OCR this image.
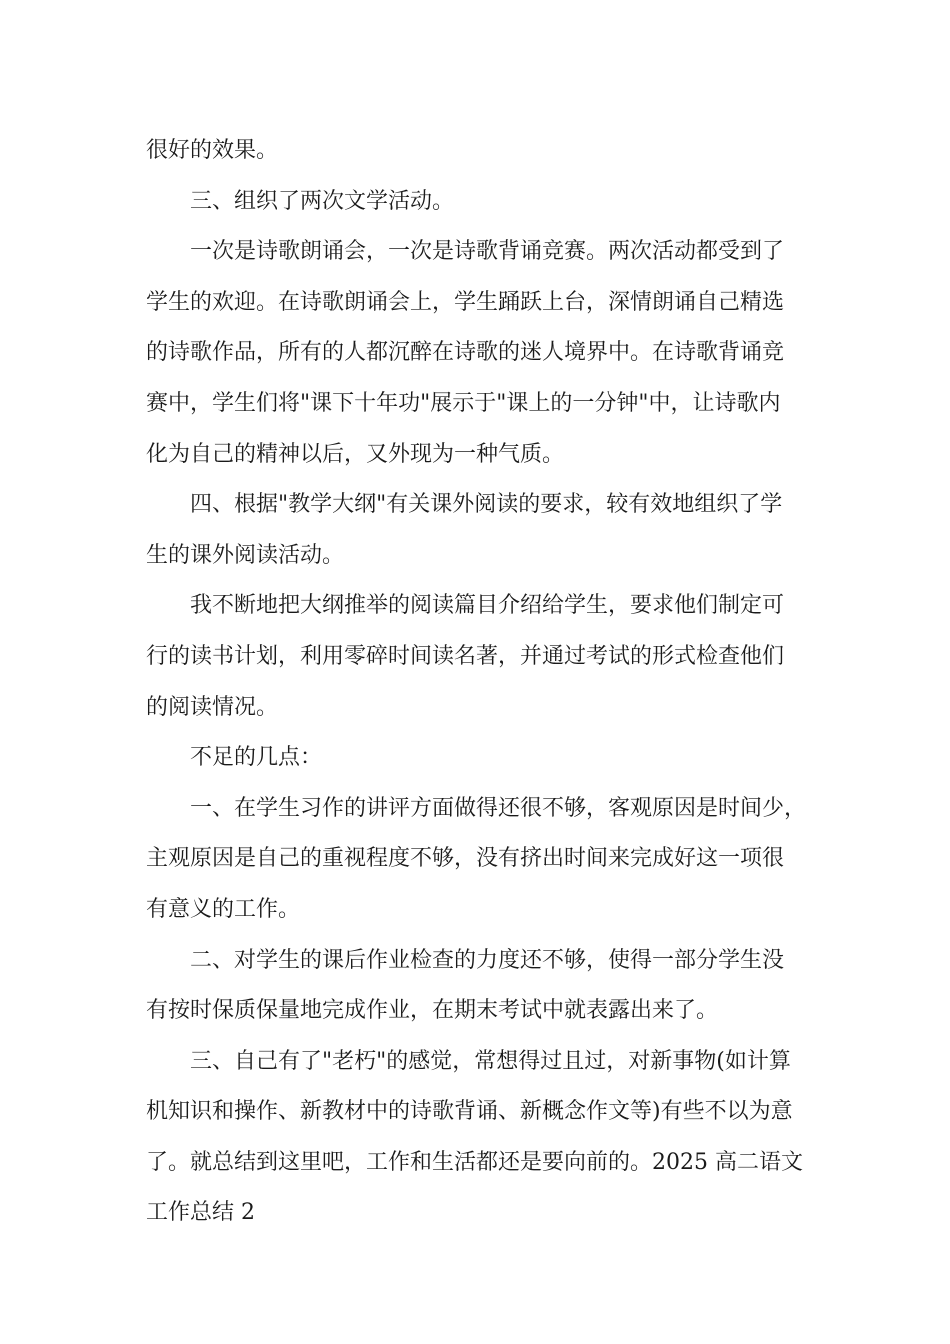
很好的效果。
三、组织了两次文学活动。
一次是诗歌朗诵会，一次是诗歌背诵竞赛。两次活动都受到了
学生的欢迎。在诗歌朗诵会上，学生踊跃上台，深情朗诵自己精选
的诗歌作品，所有的人都沉醉在诗歌的迷人境界中。在诗歌背诵竞
赛中，学生们将"课下十年功"展示于"课上的一分钟"中，让诗歌内
化为自己的精神以后，又外现为一种气质。
四、根据"教学大纲"有关课外阅读的要求，较有效地组织了学
生的课外阅读活动。
我不断地把大纲推举的阅读篇目介绍给学生，要求他们制定可
行的读书计划，利用零碎时间读名著，并通过考试的形式检查他们
的阅读情况。
不足的几点：
一、在学生习作的讲评方面做得还很不够，客观原因是时间少，
主观原因是自己的重视程度不够，没有挤出时间来完成好这一项很
有意义的工作。
二、对学生的课后作业检查的力度还不够，使得一部分学生没
有按时保质保量地完成作业，在期末考试中就表露出来了。
三、自己有了"老朽"的感觉，常想得过且过，对新事物(如计算
机知识和操作、新教材中的诗歌背诵、新概念作文等)有些不以为意
了。就总结到这里吧，工作和生活都还是要向前的。2025 高二语文
工作总结 2
